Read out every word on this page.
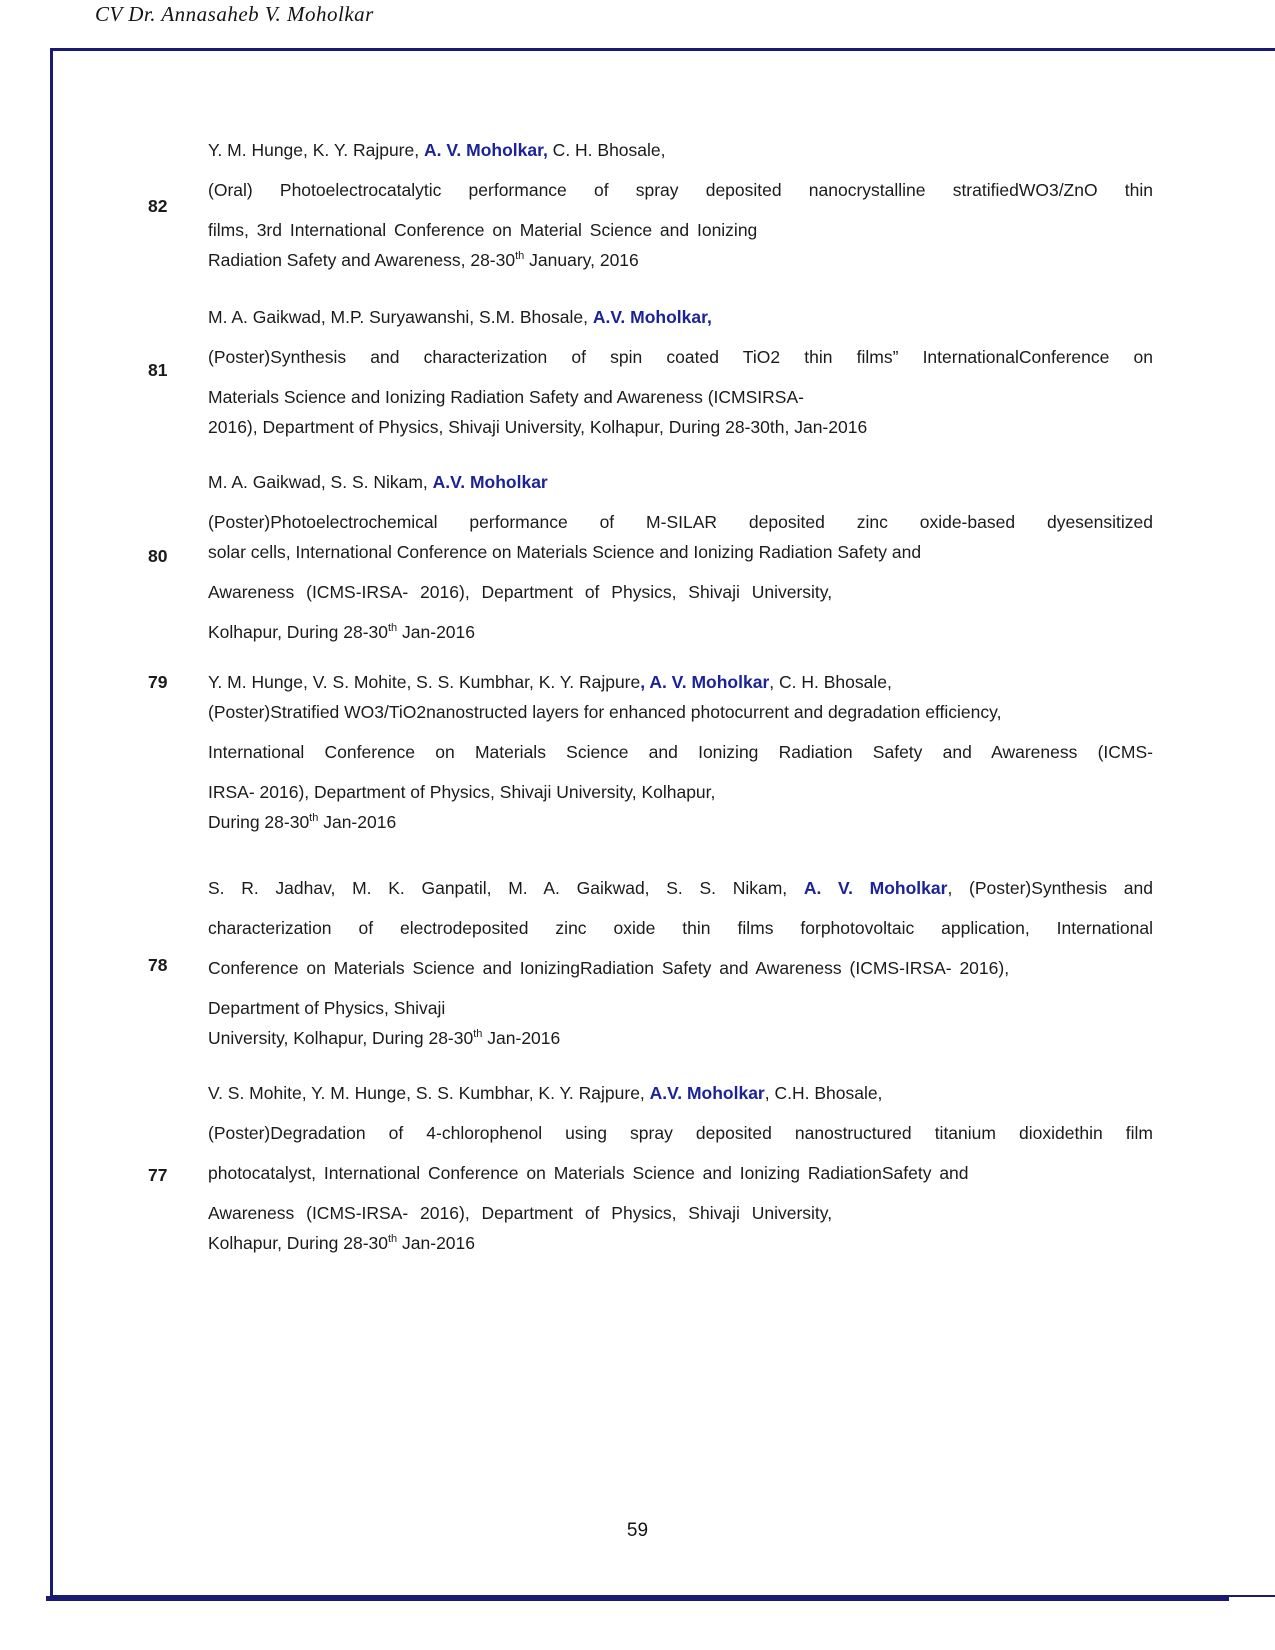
CV Dr. Annasaheb V. Moholkar
82
Y. M. Hunge, K. Y. Rajpure, A. V. Moholkar, C. H. Bhosale,
(Oral) Photoelectrocatalytic performance of spray deposited nanocrystalline stratifiedWO3/ZnO thin
films, 3rd International Conference on Material Science and Ionizing
Radiation Safety and Awareness, 28-30th January, 2016
81
M. A. Gaikwad, M.P. Suryawanshi, S.M. Bhosale, A.V. Moholkar,
(Poster)Synthesis and characterization of spin coated TiO2 thin films” InternationalConference on
Materials Science and Ionizing Radiation Safety and Awareness (ICMSIRSA-
2016), Department of Physics, Shivaji University, Kolhapur, During 28-30th, Jan-2016
80
M. A. Gaikwad, S. S. Nikam, A.V. Moholkar
(Poster)Photoelectrochemical performance of M-SILAR deposited zinc oxide-based dyesensitized
solar cells, International Conference on Materials Science and Ionizing Radiation Safety and
Awareness (ICMS-IRSA- 2016), Department of Physics, Shivaji University,
Kolhapur, During 28-30th Jan-2016
79	Y. M. Hunge, V. S. Mohite, S. S. Kumbhar, K. Y. Rajpure, A. V. Moholkar, C. H. Bhosale,
(Poster)Stratified WO3/TiO2nanostructed layers for enhanced photocurrent and degradation efficiency,
International Conference on Materials Science and Ionizing Radiation Safety and Awareness (ICMS-
IRSA- 2016), Department of Physics, Shivaji University, Kolhapur,
During 28-30th Jan-2016
78
S. R. Jadhav, M. K. Ganpatil, M. A. Gaikwad, S. S. Nikam, A. V. Moholkar, (Poster)Synthesis and
characterization of electrodeposited zinc oxide thin films forphotovoltaic application, International
Conference on Materials Science and IonizingRadiation Safety and Awareness (ICMS-IRSA- 2016),
Department of Physics, Shivaji
University, Kolhapur, During 28-30th Jan-2016
77
V. S. Mohite, Y. M. Hunge, S. S. Kumbhar, K. Y. Rajpure, A.V. Moholkar, C.H. Bhosale,
(Poster)Degradation of 4-chlorophenol using spray deposited nanostructured titanium dioxidethin film
photocatalyst, International Conference on Materials Science and Ionizing RadiationSafety and
Awareness (ICMS-IRSA- 2016), Department of Physics, Shivaji University,
Kolhapur, During 28-30th Jan-2016
59
